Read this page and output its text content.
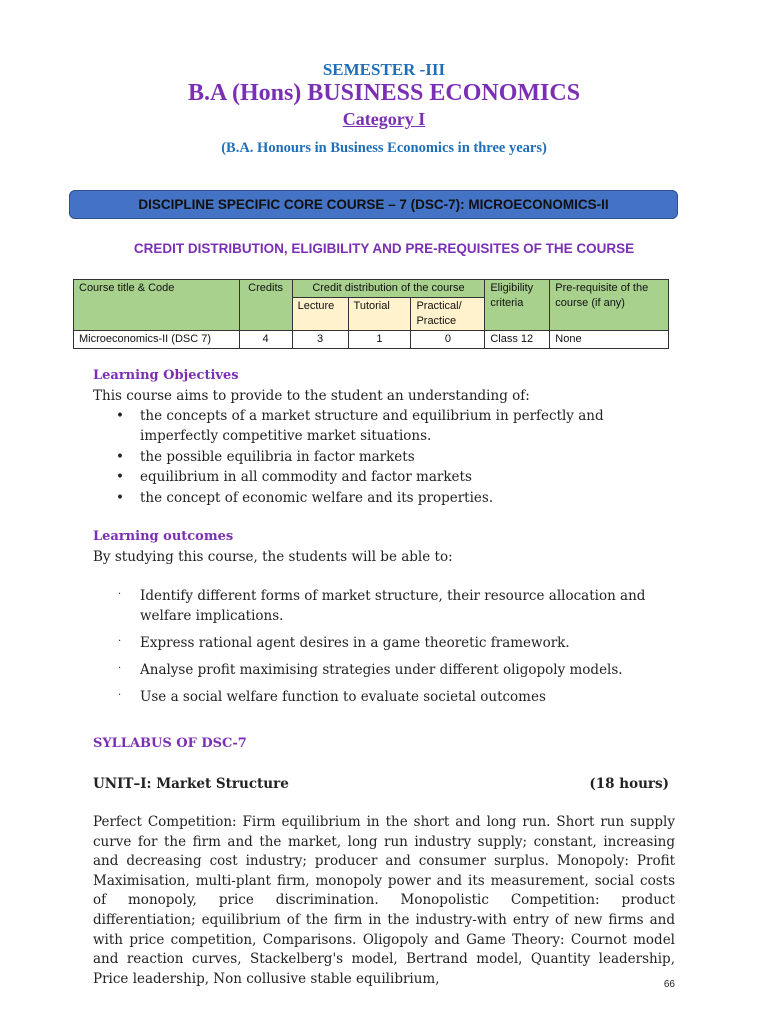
SEMESTER -III
B.A (Hons) BUSINESS ECONOMICS
Category I
(B.A. Honours in Business Economics in three years)
DISCIPLINE SPECIFIC CORE COURSE – 7 (DSC-7): MICROECONOMICS-II
CREDIT DISTRIBUTION, ELIGIBILITY AND PRE-REQUISITES OF THE COURSE
Course title & Code	Credits	Credit distribution of the course			Eligibility criteria	Pre-requisite of the course (if any)
		Lecture	Tutorial	Practical/ Practice		
Microeconomics-II (DSC 7)	4	3	1	0	Class 12	None
Learning Objectives
This course aims to provide to the student an understanding of:
• the concepts of a market structure and equilibrium in perfectly and imperfectly competitive market situations.
• the possible equilibria in factor markets
• equilibrium in all commodity and factor markets
• the concept of economic welfare and its properties.
Learning outcomes
By studying this course, the students will be able to:
· Identify different forms of market structure, their resource allocation and welfare implications.
· Express rational agent desires in a game theoretic framework.
· Analyse profit maximising strategies under different oligopoly models.
· Use a social welfare function to evaluate societal outcomes
SYLLABUS OF DSC-7
UNIT–I: Market Structure	(18 hours)
Perfect Competition: Firm equilibrium in the short and long run. Short run supply curve for the firm and the market, long run industry supply; constant, increasing and decreasing cost industry; producer and consumer surplus. Monopoly: Profit Maximisation, multi-plant firm, monopoly power and its measurement, social costs of monopoly, price discrimination. Monopolistic Competition: product differentiation; equilibrium of the firm in the industry-with entry of new firms and with price competition, Comparisons. Oligopoly and Game Theory: Cournot model and reaction curves, Stackelberg's model, Bertrand model, Quantity leadership, Price leadership, Non collusive stable equilibrium,	66
